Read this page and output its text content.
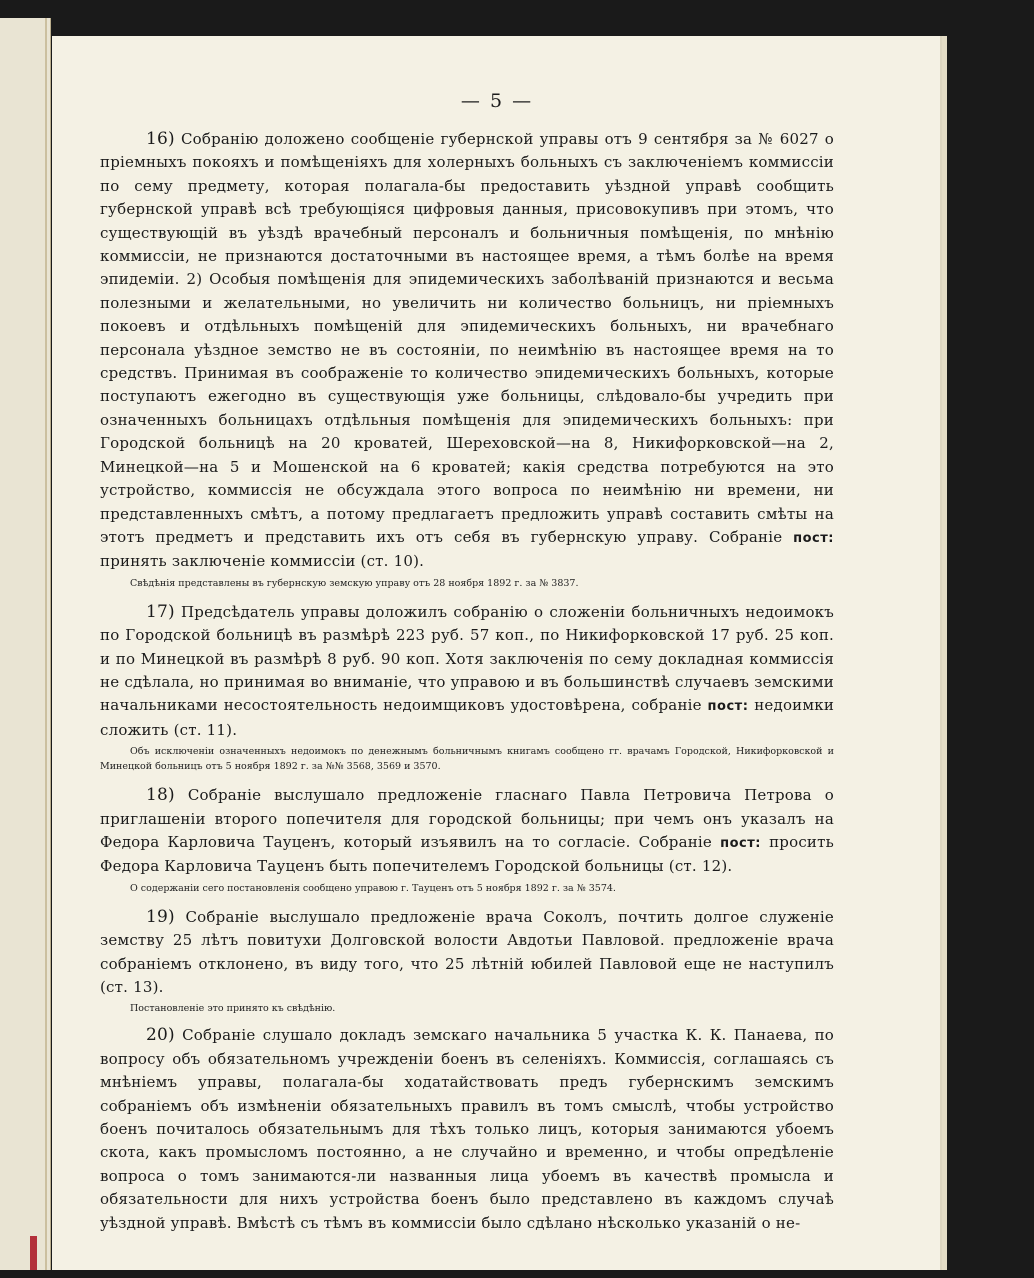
— 5 —

16) Собранію доложено сообщеніе губернской управы отъ 9 сентября за № 6027 о пріемныхъ покояхъ и помѣщеніяхъ для холерныхъ больныхъ съ заключеніемъ коммиссіи по сему предмету, которая полагала-бы предоставить уѣздной управѣ сообщить губернской управѣ всѣ требующіяся цифровыя данныя, присовокупивъ при этомъ, что существующій въ уѣздѣ врачебный персоналъ и больничныя помѣщенія, по мнѣнію коммиссіи, не признаются достаточными въ настоящее время, а тѣмъ болѣе на время эпидеміи. 2) Особыя помѣщенія для эпидемическихъ заболѣваній признаются и весьма полезными и желательными, но увеличить ни количество больницъ, ни пріемныхъ покоевъ и отдѣльныхъ помѣщеній для эпидемическихъ больныхъ, ни врачебнаго персонала уѣздное земство не въ состояніи, по неимѣнію въ настоящее время на то средствъ. Принимая въ соображеніе то количество эпидемическихъ больныхъ, которые поступаютъ ежегодно въ существующія уже больницы, слѣдовало-бы учредить при означенныхъ больницахъ отдѣльныя помѣщенія для эпидемическихъ больныхъ: при Городской больницѣ на 20 кроватей, Шереховской—на 8, Никифорковской—на 2, Минецкой—на 5 и Мошенской на 6 кроватей; какія средства потребуются на это устройство, коммиссія не обсуждала этого вопроса по неимѣнію ни времени, ни представленныхъ смѣтъ, а потому предлагаетъ предложить управѣ составить смѣты на этотъ предметъ и представить ихъ отъ себя въ губернскую управу. Собраніе пост: принять заключеніе коммиссіи (ст. 10).

Свѣдѣнія представлены въ губернскую земскую управу отъ 28 ноября 1892 г. за № 3837.

17) Предсѣдатель управы доложилъ собранію о сложеніи больничныхъ недоимокъ по Городской больницѣ въ размѣрѣ 223 руб. 57 коп., по Никифорковской 17 руб. 25 коп. и по Минецкой въ размѣрѣ 8 руб. 90 коп. Хотя заключенія по сему докладная коммиссія не сдѣлала, но принимая во вниманіе, что управою и въ большинствѣ случаевъ земскими начальниками несостоятельность недоимщиковъ удостовѣрена, собраніе пост: недоимки сложить (ст. 11).

Объ исключеніи означенныхъ недоимокъ по денежнымъ больничнымъ книгамъ сообщено гг. врачамъ Городской, Никифорковской и Минецкой больницъ отъ 5 ноября 1892 г. за №№ 3568, 3569 и 3570.

18) Собраніе выслушало предложеніе гласнаго Павла Петровича Петрова о приглашеніи второго попечителя для городской больницы; при чемъ онъ указалъ на Федора Карловича Тауценъ, который изъявилъ на то согласіе. Собраніе пост: просить Федора Карловича Тауценъ быть попечителемъ Городской больницы (ст. 12).

О содержаніи сего постановленія сообщено управою г. Тауценъ отъ 5 ноября 1892 г. за № 3574.

19) Собраніе выслушало предложеніе врача Соколъ, почтить долгое служеніе земству 25 лѣтъ повитухи Долговской волости Авдотьи Павловой. предложеніе врача собраніемъ отклонено, въ виду того, что 25 лѣтній юбилей Павловой еще не наступилъ (ст. 13).

Постановленіе это принято къ свѣдѣнію.

20) Собраніе слушало докладъ земскаго начальника 5 участка К. К. Панаева, по вопросу объ обязательномъ учрежденіи боенъ въ селеніяхъ. Коммиссія, соглашаясь съ мнѣніемъ управы, полагала-бы ходатайствовать предъ губернскимъ земскимъ собраніемъ объ измѣненіи обязательныхъ правилъ въ томъ смыслѣ, чтобы устройство боенъ почиталось обязательнымъ для тѣхъ только лицъ, которыя занимаются убоемъ скота, какъ промысломъ постоянно, а не случайно и временно, и чтобы опредѣленіе вопроса о томъ занимаются-ли названныя лица убоемъ въ качествѣ промысла и обязательности для нихъ устройства боенъ было представлено въ каждомъ случаѣ уѣздной управѣ. Вмѣстѣ съ тѣмъ въ коммиссіи было сдѣлано нѣсколько указаній о не-
